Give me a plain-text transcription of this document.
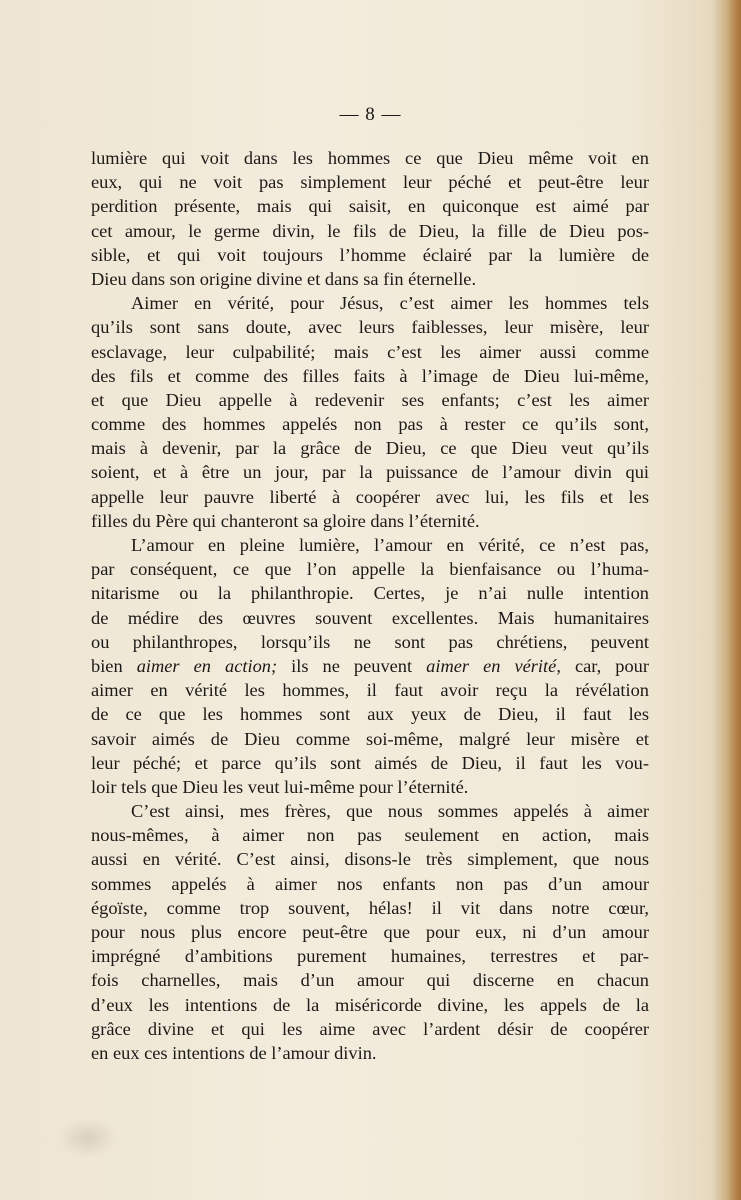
— 8 —
lumière qui voit dans les hommes ce que Dieu même voit en
eux, qui ne voit pas simplement leur péché et peut-être leur
perdition présente, mais qui saisit, en quiconque est aimé par
cet amour, le germe divin, le fils de Dieu, la fille de Dieu pos-
sible, et qui voit toujours l’homme éclairé par la lumière de
Dieu dans son origine divine et dans sa fin éternelle.
Aimer en vérité, pour Jésus, c’est aimer les hommes tels
qu’ils sont sans doute, avec leurs faiblesses, leur misère, leur
esclavage, leur culpabilité; mais c’est les aimer aussi comme
des fils et comme des filles faits à l’image de Dieu lui-même,
et que Dieu appelle à redevenir ses enfants; c’est les aimer
comme des hommes appelés non pas à rester ce qu’ils sont,
mais à devenir, par la grâce de Dieu, ce que Dieu veut qu’ils
soient, et à être un jour, par la puissance de l’amour divin qui
appelle leur pauvre liberté à coopérer avec lui, les fils et les
filles du Père qui chanteront sa gloire dans l’éternité.
L’amour en pleine lumière, l’amour en vérité, ce n’est pas,
par conséquent, ce que l’on appelle la bienfaisance ou l’huma-
nitarisme ou la philanthropie. Certes, je n’ai nulle intention
de médire des œuvres souvent excellentes. Mais humanitaires
ou philanthropes, lorsqu’ils ne sont pas chrétiens, peuvent
bien aimer en action; ils ne peuvent aimer en vérité, car, pour
aimer en vérité les hommes, il faut avoir reçu la révélation
de ce que les hommes sont aux yeux de Dieu, il faut les
savoir aimés de Dieu comme soi-même, malgré leur misère et
leur péché; et parce qu’ils sont aimés de Dieu, il faut les vou-
loir tels que Dieu les veut lui-même pour l’éternité.
C’est ainsi, mes frères, que nous sommes appelés à aimer
nous-mêmes, à aimer non pas seulement en action, mais
aussi en vérité. C’est ainsi, disons-le très simplement, que nous
sommes appelés à aimer nos enfants non pas d’un amour
égoïste, comme trop souvent, hélas! il vit dans notre cœur,
pour nous plus encore peut-être que pour eux, ni d’un amour
imprégné d’ambitions purement humaines, terrestres et par-
fois charnelles, mais d’un amour qui discerne en chacun
d’eux les intentions de la miséricorde divine, les appels de la
grâce divine et qui les aime avec l’ardent désir de coopérer
en eux ces intentions de l’amour divin.
